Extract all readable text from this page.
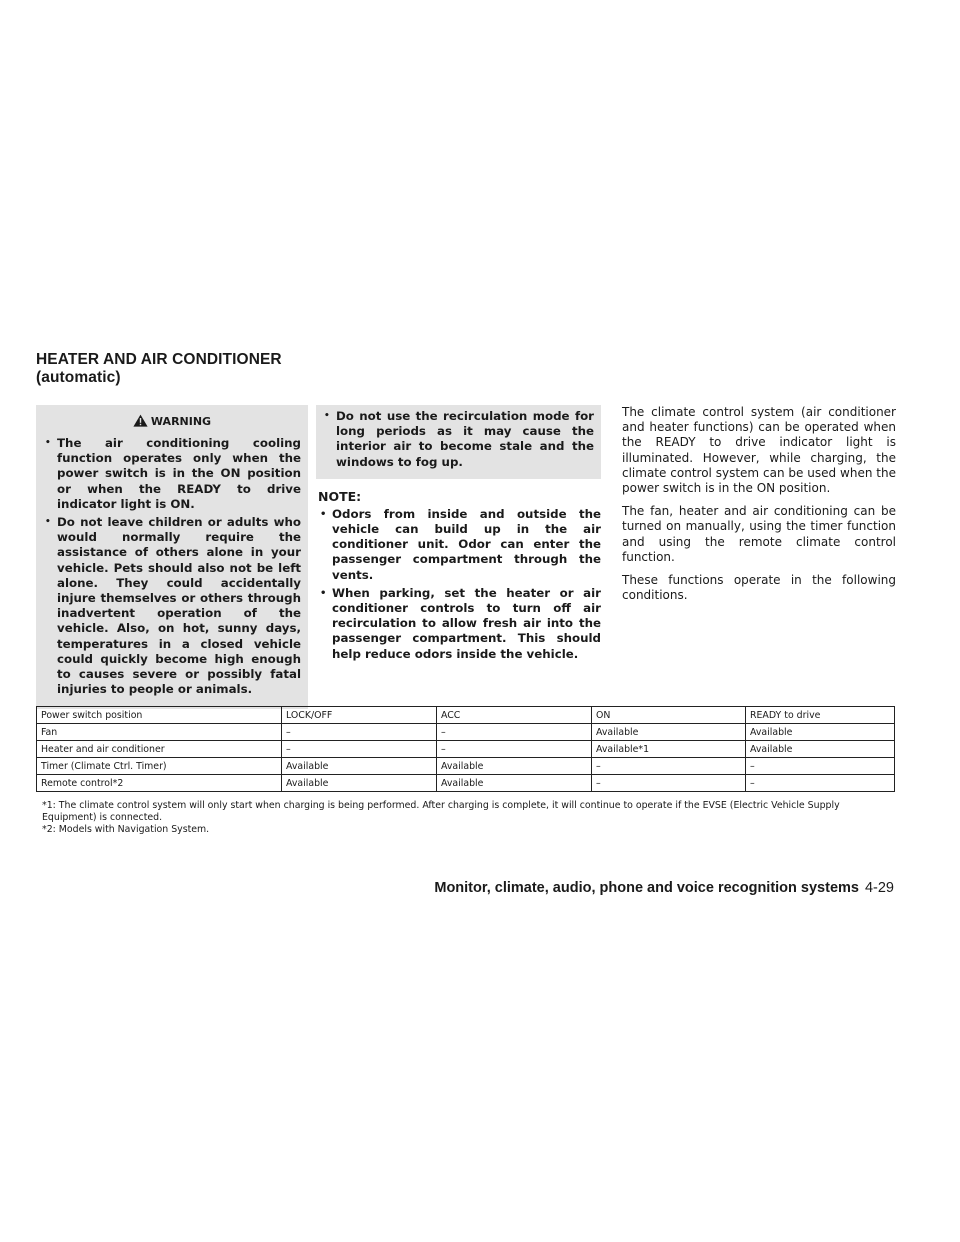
HEATER AND AIR CONDITIONER
(automatic)
WARNING
• The air conditioning cooling function operates only when the power switch is in the ON position or when the READY to drive indicator light is ON.
• Do not leave children or adults who would normally require the assistance of others alone in your vehicle. Pets should also not be left alone. They could accidentally injure themselves or others through inadvertent operation of the vehicle. Also, on hot, sunny days, temperatures in a closed vehicle could quickly become high enough to causes severe or possibly fatal injuries to people or animals.
• Do not use the recirculation mode for long periods as it may cause the interior air to become stale and the windows to fog up.
NOTE:
• Odors from inside and outside the vehicle can build up in the air conditioner unit. Odor can enter the passenger compartment through the vents.
• When parking, set the heater or air conditioner controls to turn off air recirculation to allow fresh air into the passenger compartment. This should help reduce odors inside the vehicle.

The climate control system (air conditioner and heater functions) can be operated when the READY to drive indicator light is illuminated. However, while charging, the climate control system can be used when the power switch is in the ON position.

The fan, heater and air conditioning can be turned on manually, using the timer function and using the remote climate control function.

These functions operate in the following conditions.

Power switch position	LOCK/OFF	ACC	ON	READY to drive
Fan	–	–	Available	Available
Heater and air conditioner	–	–	Available*1	Available
Timer (Climate Ctrl. Timer)	Available	Available	–	–
Remote control*2	Available	Available	–	–
*1: The climate control system will only start when charging is being performed. After charging is complete, it will continue to operate if the EVSE (Electric Vehicle Supply Equipment) is connected.
*2: Models with Navigation System.
Monitor, climate, audio, phone and voice recognition systems 4-29
